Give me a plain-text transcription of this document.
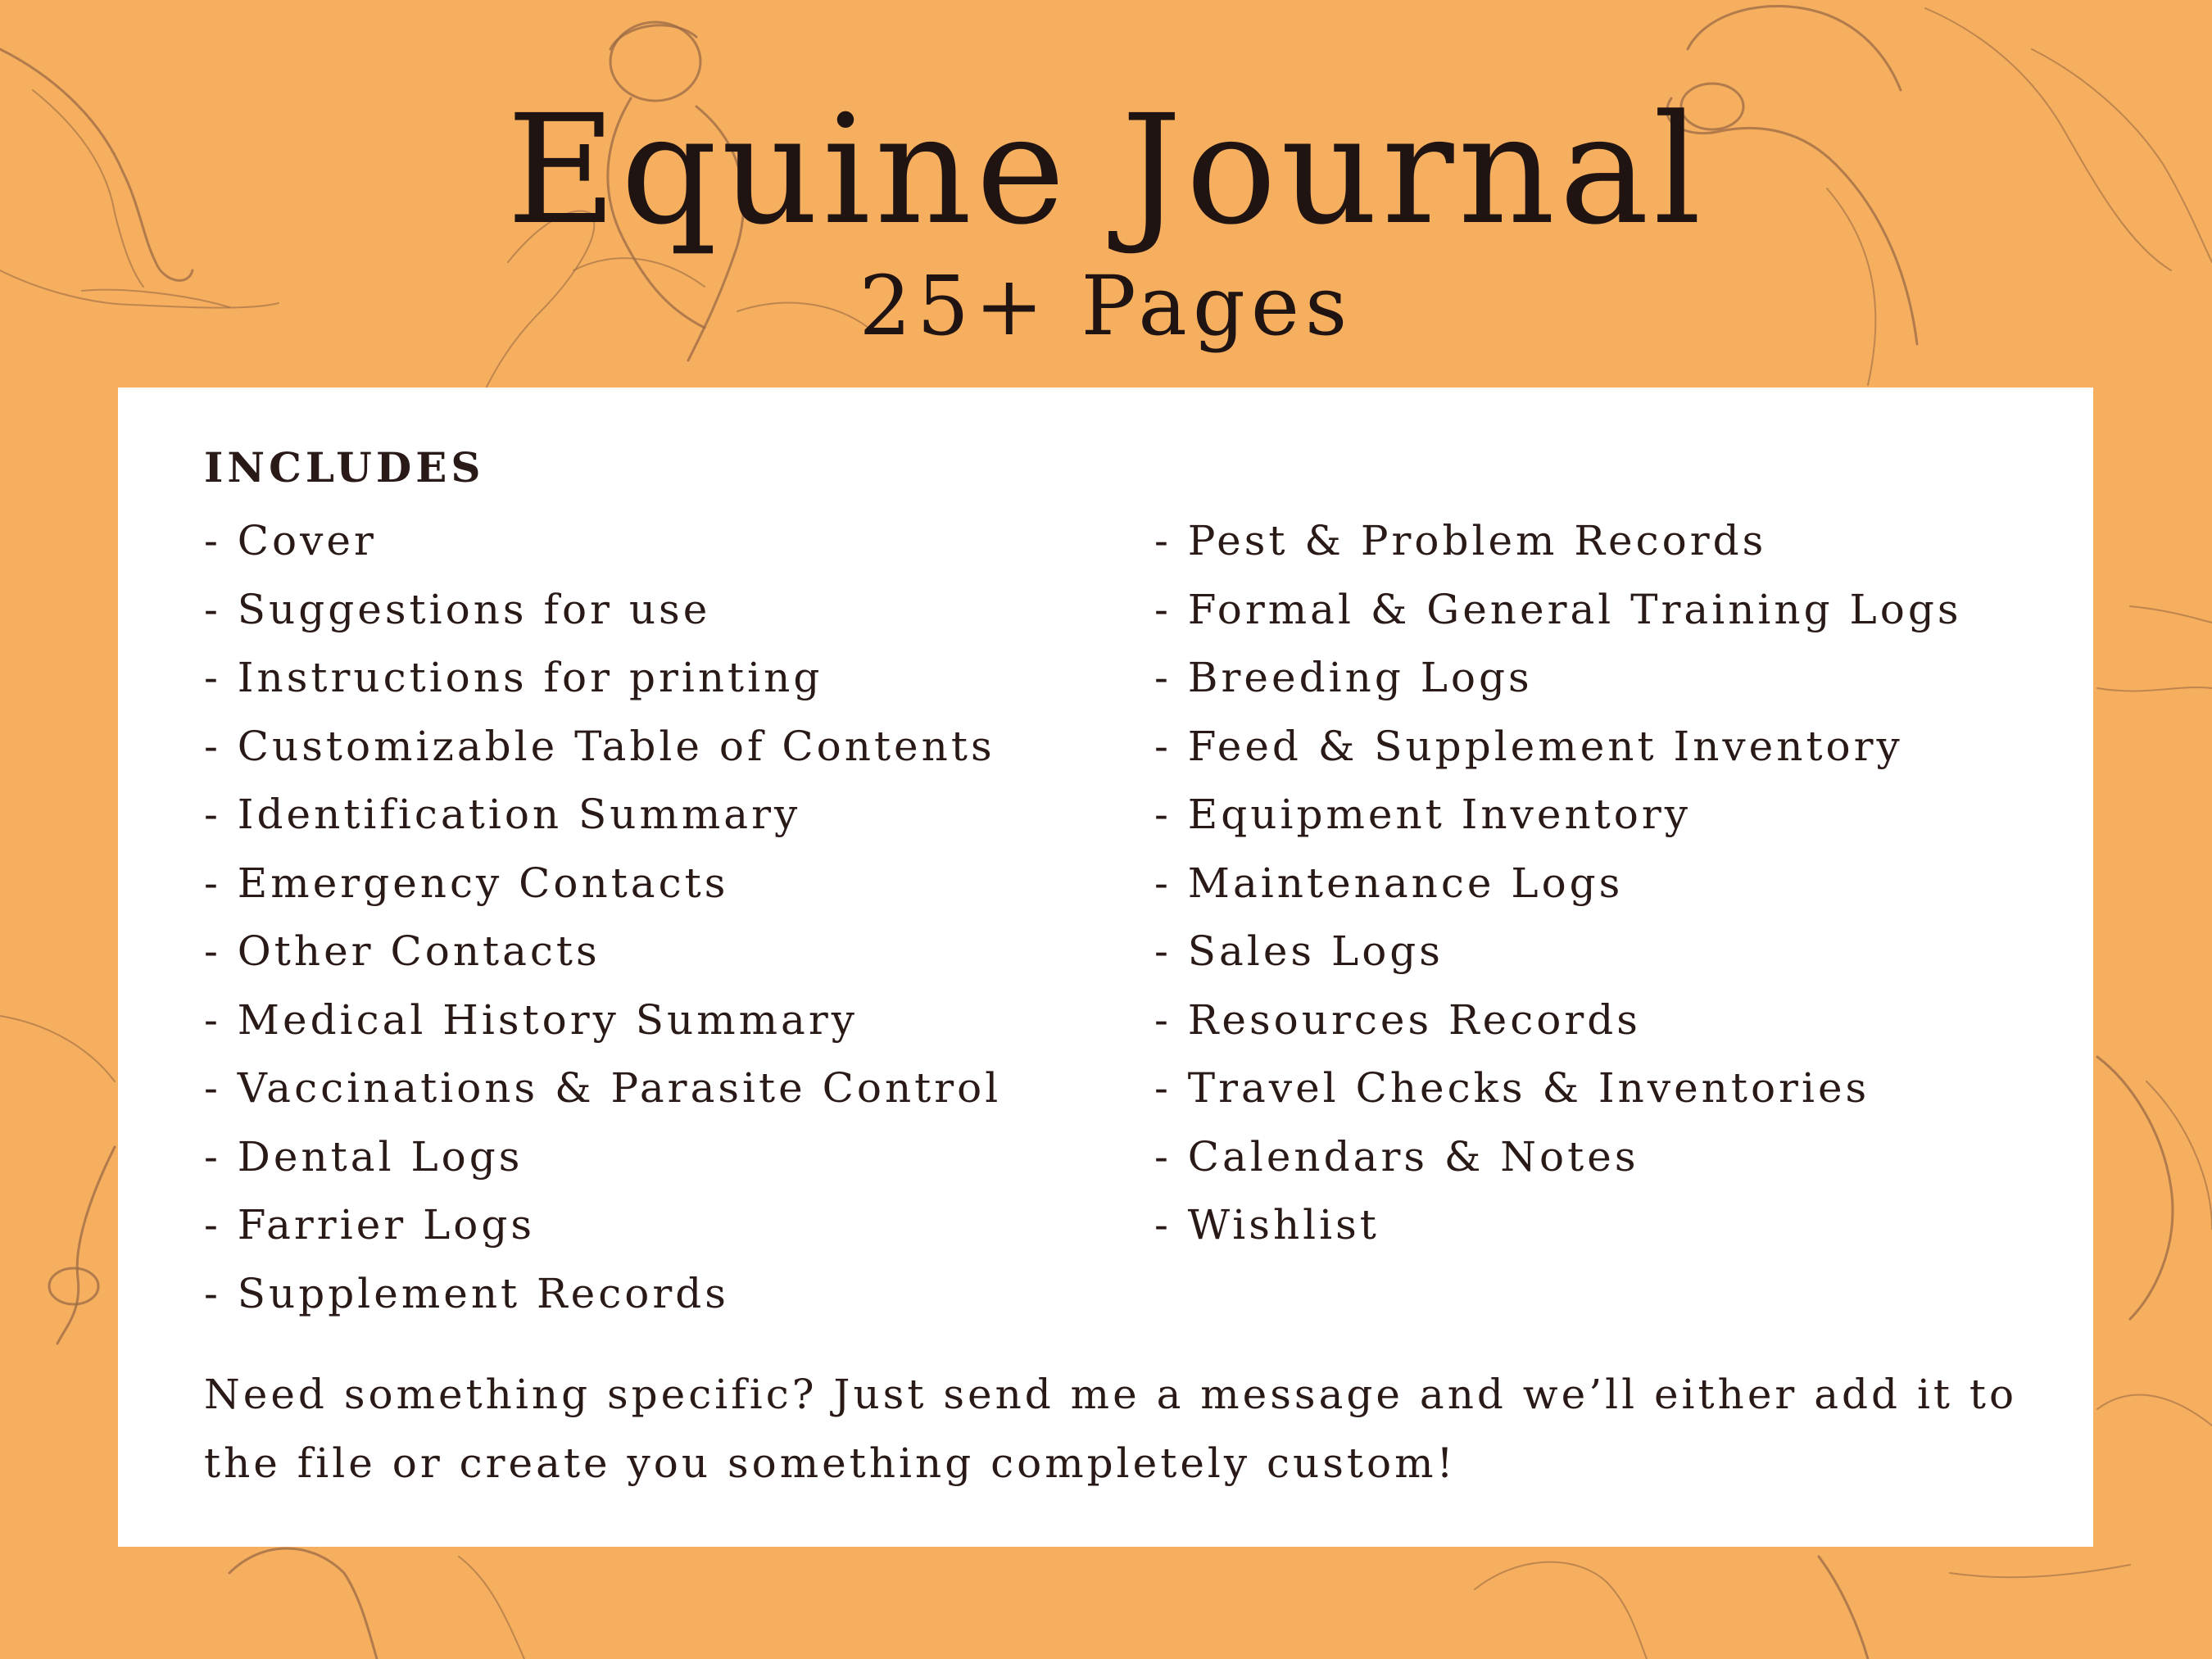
Equine Journal
25+ Pages
INCLUDES
- Cover
- Suggestions for use
- Instructions for printing
- Customizable Table of Contents
- Identification Summary
- Emergency Contacts
- Other Contacts
- Medical History Summary
- Vaccinations & Parasite Control
- Dental Logs
- Farrier Logs
- Supplement Records
- Pest & Problem Records
- Formal & General Training Logs
- Breeding Logs
- Feed & Supplement Inventory
- Equipment Inventory
- Maintenance Logs
- Sales Logs
- Resources Records
- Travel Checks & Inventories
- Calendars & Notes
- Wishlist

Need something specific? Just send me a message and we’ll either add it to the file or create you something completely custom!
